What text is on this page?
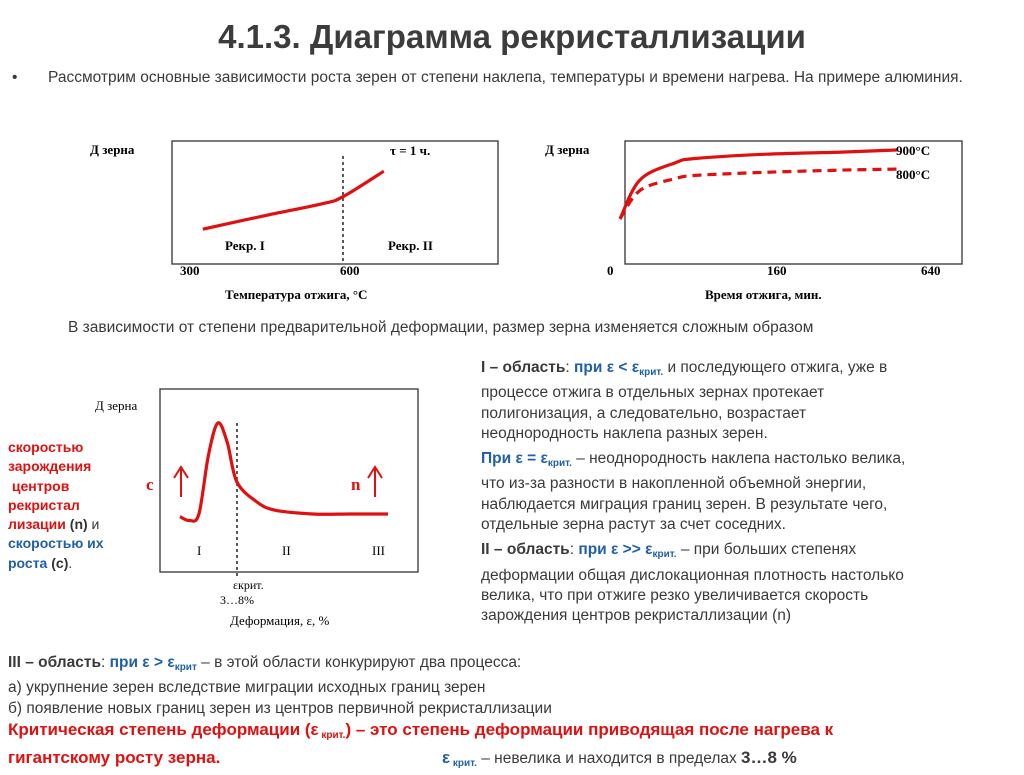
4.1.3. Диаграмма рекристаллизации
• Рассмотрим основные зависимости роста зерен от степени наклепа, температуры и времени нагрева. На примере алюминия.
Д зерна	τ = 1 ч.
Рекр. I	Рекр. II
300	600
Температура отжига, °С
Д зерна	900°С
800°С
0	160	640
Время отжига, мин.
В зависимости от степени предварительной деформации, размер зерна изменяется сложным образом
Д зерна
c	n
I	II	III
εкрит.
3…8%
Деформация, ε, %
скоростью
зарождения
центров
рекристал
лизации (n) и
скоростью их
роста (с).
I – область: при $\varepsilon < \varepsilon_{крит.}$ и последующего отжига, уже в
процессе отжига в отдельных зернах протекает
полигонизация, а следовательно, возрастает
неоднородность наклепа разных зерен.
При $\varepsilon = \varepsilon_{крит.}$ – неоднородность наклепа настолько велика,
что из-за разности в накопленной объемной энергии,
наблюдается миграция границ зерен. В результате чего,
отдельные зерна растут за счет соседних.
II – область: при $\varepsilon >> \varepsilon_{крит.}$ – при больших степенях
деформации общая дислокационная плотность настолько
велика, что при отжиге резко увеличивается скорость
зарождения центров рекристаллизации (n)
III – область: при $\varepsilon > \varepsilon_{крит} - в$ этой области конкурируют два процесса:
а) укрупнение зерен вследствие миграции исходных границ зерен
б) появление новых границ зерен из центров первичной рекристаллизации
Критическая степень деформации (ε $_{крит.}$) – это степень деформации приводящая после нагрева к
гигантскому росту зерна.	ε $_{крит.}$ – невелика и находится в пределах 3…8 %
